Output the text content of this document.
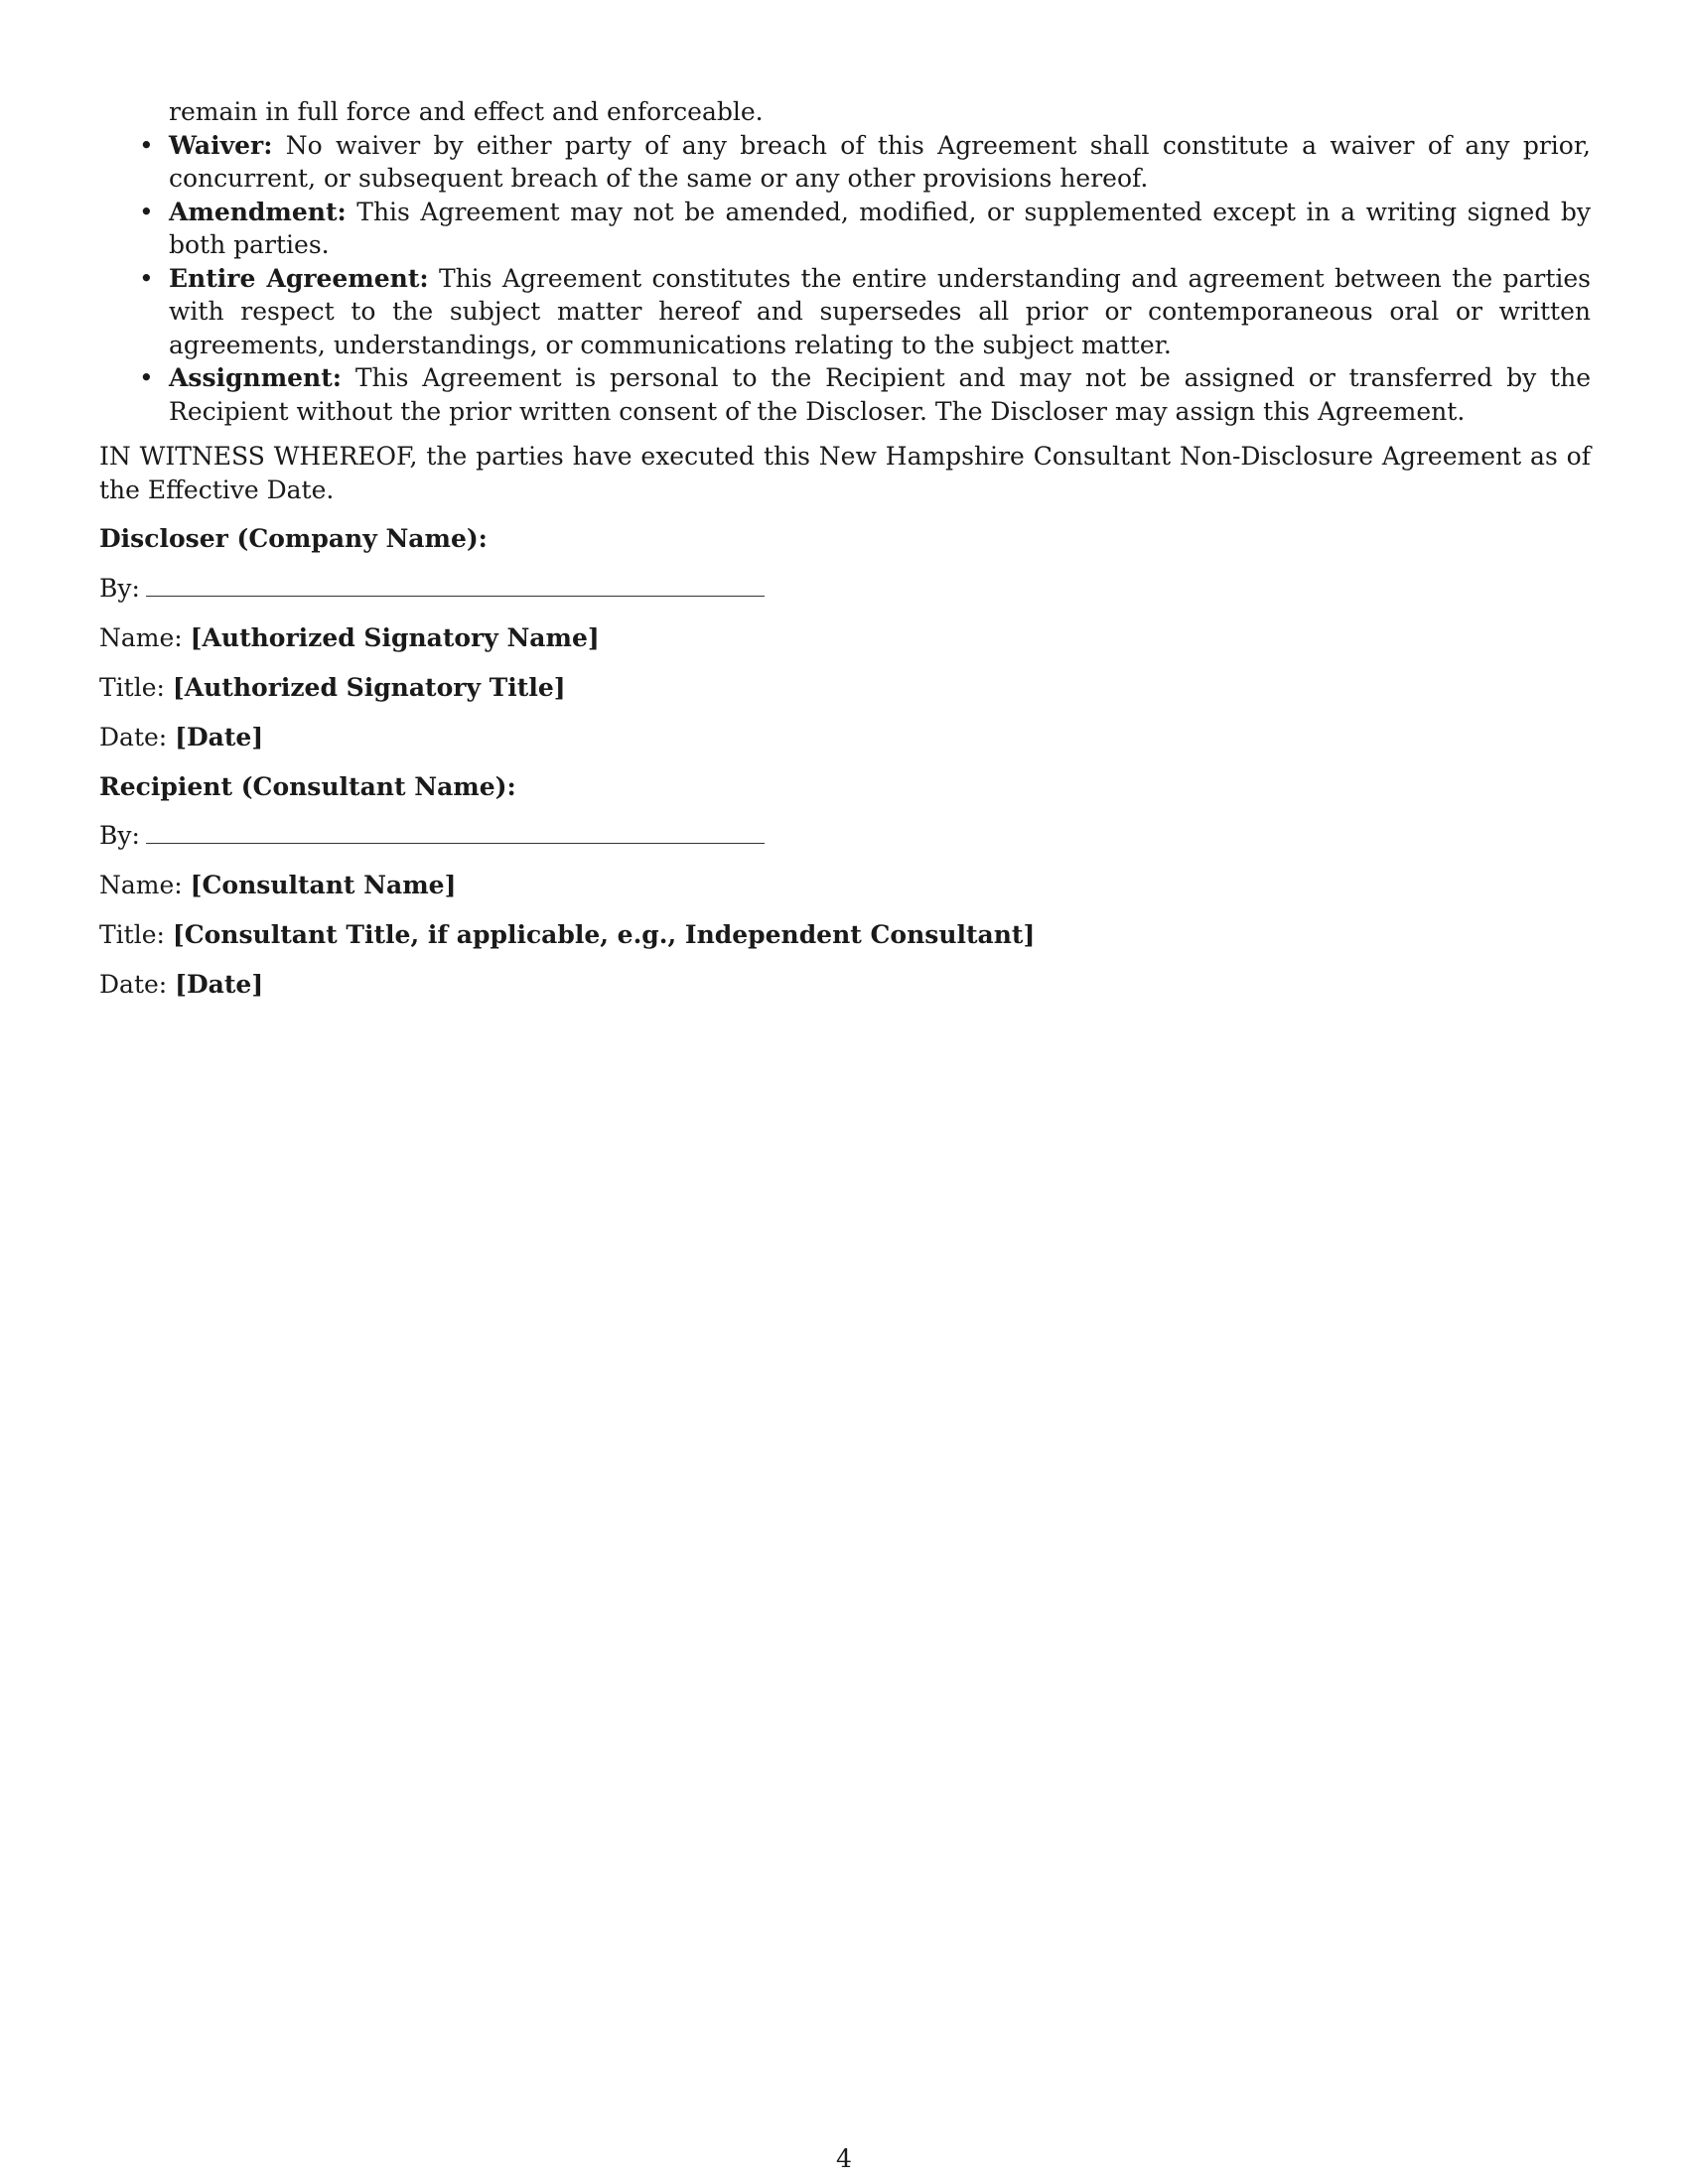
remain in full force and effect and enforceable.

• Waiver: No waiver by either party of any breach of this Agreement shall constitute a waiver of any prior, concurrent, or subsequent breach of the same or any other provisions hereof.
• Amendment: This Agreement may not be amended, modified, or supplemented except in a writing signed by both parties.
• Entire Agreement: This Agreement constitutes the entire understanding and agreement between the parties with respect to the subject matter hereof and supersedes all prior or contemporaneous oral or written agreements, understandings, or communications relating to the subject matter.
• Assignment: This Agreement is personal to the Recipient and may not be assigned or transferred by the Recipient without the prior written consent of the Discloser. The Discloser may assign this Agreement.

IN WITNESS WHEREOF, the parties have executed this New Hampshire Consultant Non-Disclosure Agreement as of the Effective Date.

Discloser (Company Name):

By:
Name: [Authorized Signatory Name]
Title: [Authorized Signatory Title]
Date: [Date]

Recipient (Consultant Name):

By:
Name: [Consultant Name]
Title: [Consultant Title, if applicable, e.g., Independent Consultant]
Date: [Date]
4
